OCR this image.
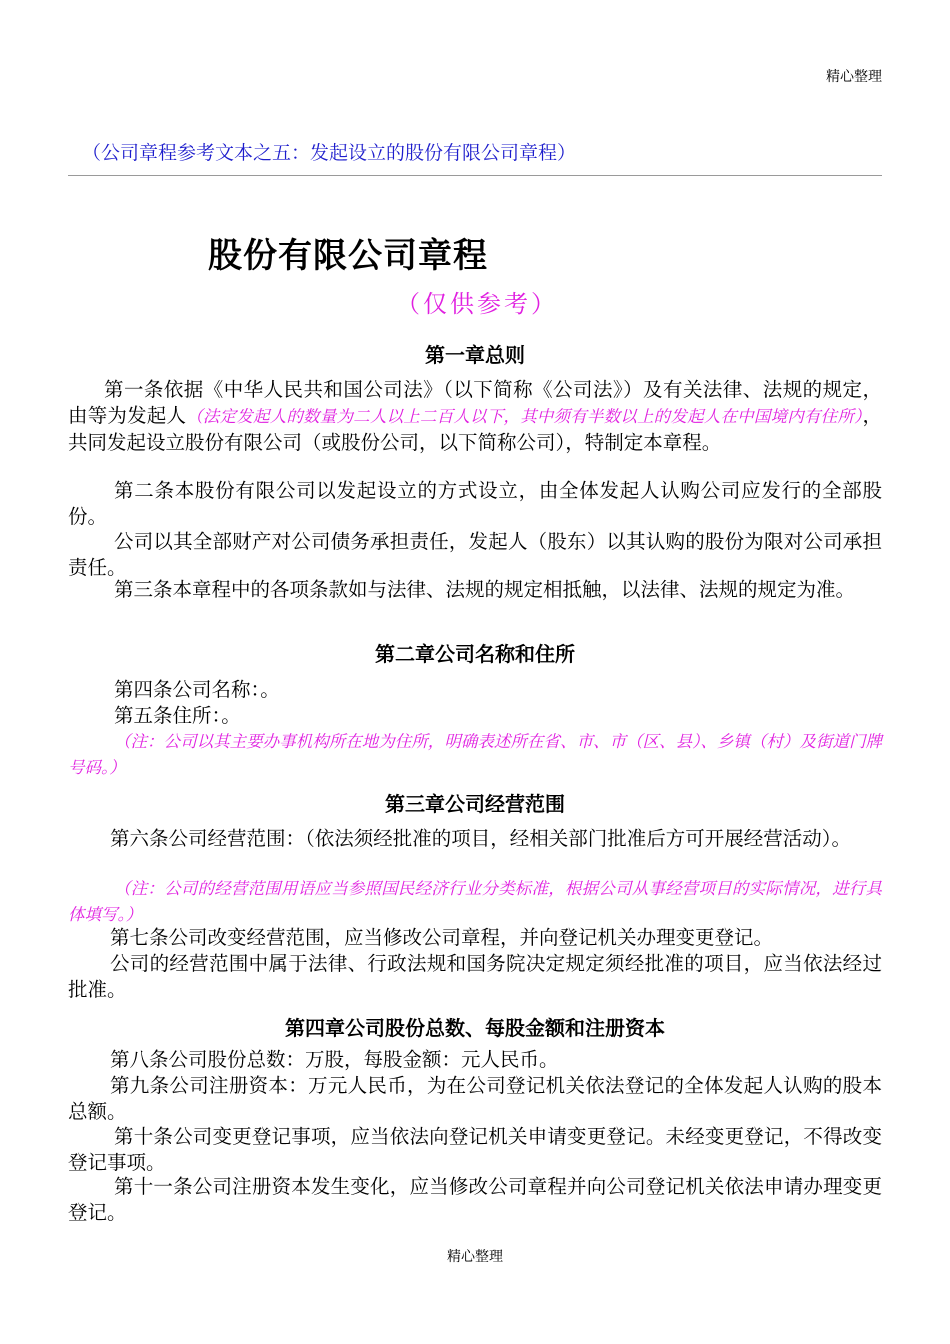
精心整理
（公司章程参考文本之五：发起设立的股份有限公司章程）
股份有限公司章程
（仅供参考）
第一章总则
第一条依据《中华人民共和国公司法》（以下简称《公司法》）及有关法律、法规的规定，由等为发起人（法定发起人的数量为二人以上二百人以下，其中须有半数以上的发起人在中国境内有住所），共同发起设立股份有限公司（或股份公司，以下简称公司），特制定本章程。
第二条本股份有限公司以发起设立的方式设立，由全体发起人认购公司应发行的全部股份。
公司以其全部财产对公司债务承担责任，发起人（股东）以其认购的股份为限对公司承担责任。
第三条本章程中的各项条款如与法律、法规的规定相抵触，以法律、法规的规定为准。
第二章公司名称和住所
第四条公司名称：。
第五条住所：。
（注：公司以其主要办事机构所在地为住所，明确表述所在省、市、市（区、县）、乡镇（村）及街道门牌号码。）
第三章公司经营范围
第六条公司经营范围：（依法须经批准的项目，经相关部门批准后方可开展经营活动）。
（注：公司的经营范围用语应当参照国民经济行业分类标准，根据公司从事经营项目的实际情况，进行具体填写。）
第七条公司改变经营范围，应当修改公司章程，并向登记机关办理变更登记。
公司的经营范围中属于法律、行政法规和国务院决定规定须经批准的项目，应当依法经过批准。
第四章公司股份总数、每股金额和注册资本
第八条公司股份总数：万股，每股金额：元人民币。
第九条公司注册资本：万元人民币，为在公司登记机关依法登记的全体发起人认购的股本总额。
第十条公司变更登记事项，应当依法向登记机关申请变更登记。未经变更登记，不得改变登记事项。
第十一条公司注册资本发生变化，应当修改公司章程并向公司登记机关依法申请办理变更登记。
精心整理
